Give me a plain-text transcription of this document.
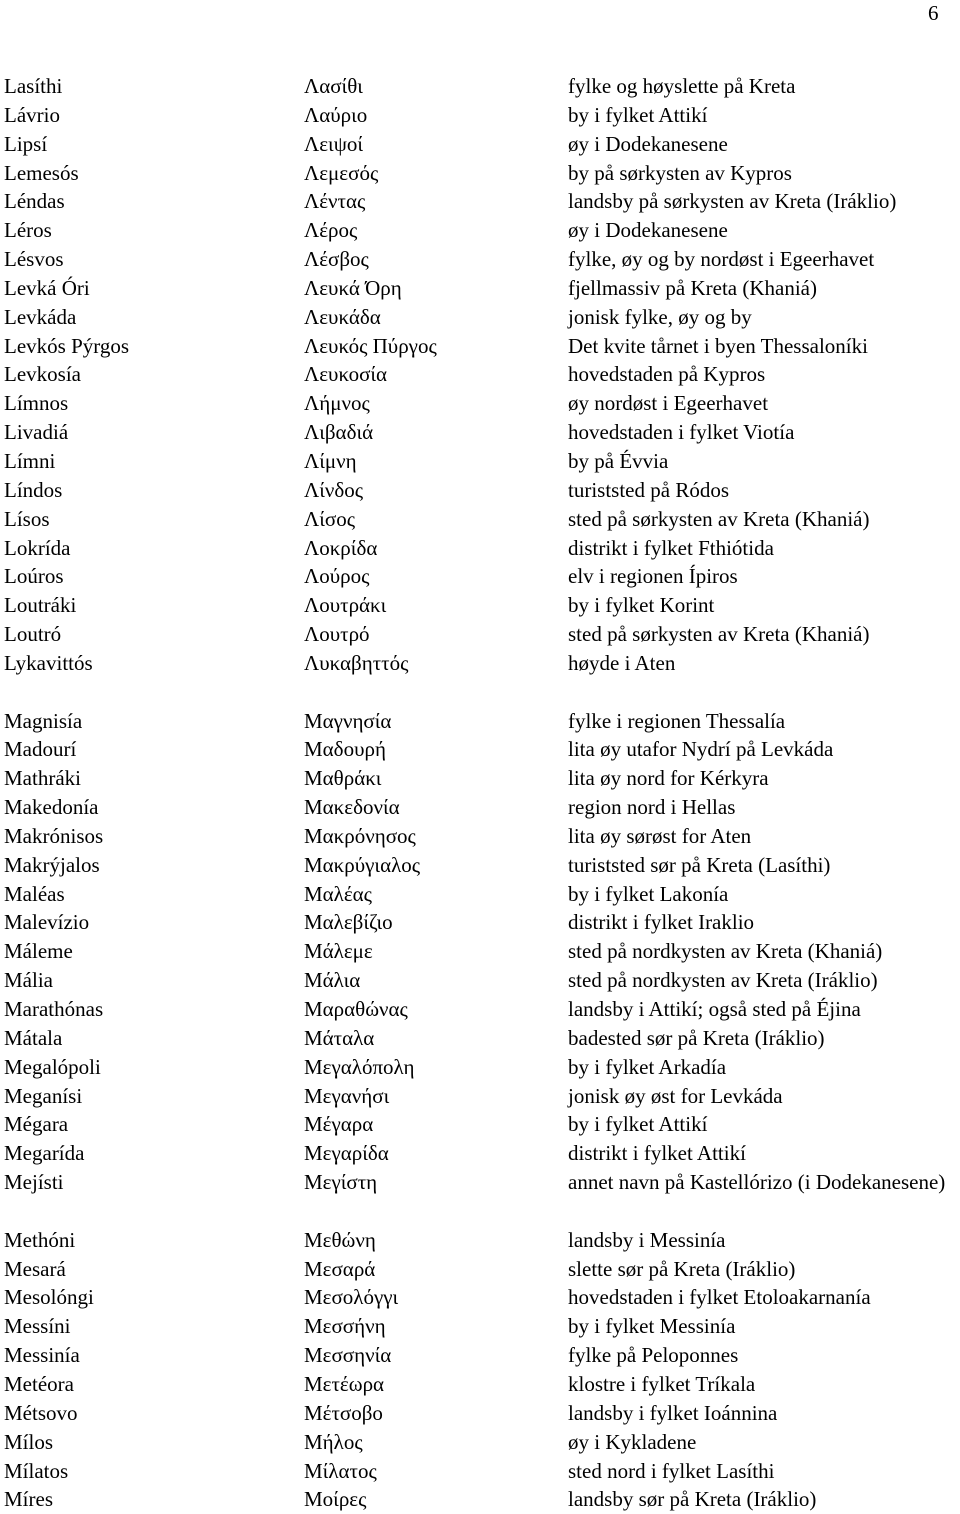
6
Lasíthi	Λασίθι	fylke og høyslette på Kreta
Lávrio	Λαύριο	by i fylket Attikí
Lipsí	Λειψοί	øy i Dodekanesene
Lemesós	Λεμεσός	by på sørkysten av Kypros
Léndas	Λέντας	landsby på sørkysten av Kreta (Iráklio)
Léros	Λέρος	øy i Dodekanesene
Lésvos	Λέσβος	fylke, øy og by nordøst i Egeerhavet
Levká Óri	Λευκά Όρη	fjellmassiv på Kreta (Khaniá)
Levkáda	Λευκάδα	jonisk fylke, øy og by
Levkós Pýrgos	Λευκός Πύργος	Det kvite tårnet i byen Thessaloníki
Levkosía	Λευκοσία	hovedstaden på Kypros
Límnos	Λήμνος	øy nordøst i Egeerhavet
Livadiá	Λιβαδιά	hovedstaden i fylket Viotía
Límni	Λίμνη	by på Évvia
Líndos	Λίνδος	turiststed på Ródos
Lísos	Λίσος	sted på sørkysten av Kreta (Khaniá)
Lokrída	Λοκρίδα	distrikt i fylket Fthiótida
Loúros	Λούρος	elv i regionen Ípiros
Loutráki	Λουτράκι	by i fylket Korint
Loutró	Λουτρό	sted på sørkysten av Kreta (Khaniá)
Lykavittós	Λυκαβηττός	høyde i Aten
Magnisía	Μαγνησία	fylke i regionen Thessalía
Madourí	Μαδουρή	lita øy utafor Nydrí på Levkáda
Mathráki	Μαθράκι	lita øy nord for Kérkyra
Makedonía	Μακεδονία	region nord i Hellas
Makrónisos	Μακρόνησος	lita øy sørøst for Aten
Makrýjalos	Μακρύγιαλος	turiststed sør på Kreta (Lasíthi)
Maléas	Μαλέας	by i fylket Lakonía
Malevízio	Μαλεβίζιο	distrikt i fylket Iraklio
Máleme	Μάλεμε	sted på nordkysten av Kreta (Khaniá)
Mália	Μάλια	sted på nordkysten av Kreta (Iráklio)
Marathónas	Μαραθώνας	landsby i Attikí; også sted på Éjina
Mátala	Μάταλα	badested sør på Kreta (Iráklio)
Megalópoli	Μεγαλόπολη	by i fylket Arkadía
Meganísi	Μεγανήσι	jonisk øy øst for Levkáda
Mégara	Μέγαρα	by i fylket Attikí
Megarída	Μεγαρίδα	distrikt i fylket Attikí
Mejísti	Μεγίστη	annet navn på Kastellórizo (i Dodekanesene)
Methóni	Μεθώνη	landsby i Messinía
Mesará	Μεσαρά	slette sør på Kreta (Iráklio)
Mesolóngi	Μεσολόγγι	hovedstaden i fylket Etoloakarnanía
Messíni	Μεσσήνη	by i fylket Messinía
Messinía	Μεσσηνία	fylke på Peloponnes
Metéora	Μετέωρα	klostre i fylket Tríkala
Métsovo	Μέτσοβο	landsby i fylket Ioánnina
Mílos	Μήλος	øy i Kykladene
Mílatos	Μίλατος	sted nord i fylket Lasíthi
Míres	Μοίρες	landsby sør på Kreta (Iráklio)
